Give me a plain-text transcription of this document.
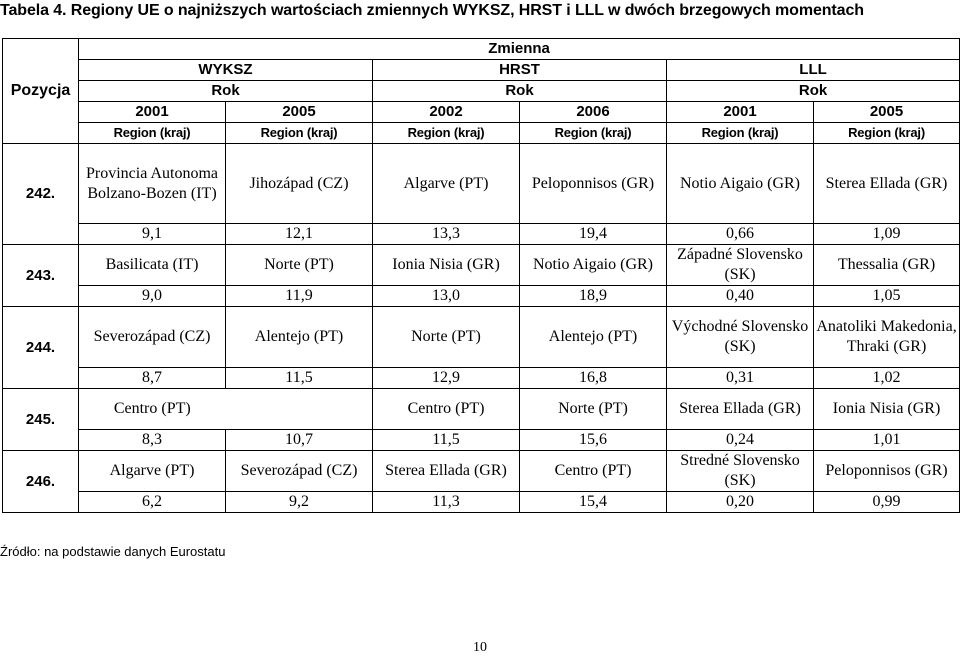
Tabela 4. Regiony UE o najniższych wartościach zmiennych WYKSZ, HRST i LLL w dwóch brzegowych momentach
Pozycja	Zmienna					
	WYKSZ		HRST		LLL	
	Rok		Rok		Rok	
	2001	2005	2002	2006	2001	2005
	Region (kraj)	Region (kraj)	Region (kraj)	Region (kraj)	Region (kraj)	Region (kraj)
242.	Provincia Autonoma Bolzano-Bozen (IT)	Jihozápad (CZ)	Algarve (PT)	Peloponnisos (GR)	Notio Aigaio (GR)	Sterea Ellada (GR)
	9,1	12,1	13,3	19,4	0,66	1,09
243.	Basilicata (IT)	Norte (PT)	Ionia Nisia (GR)	Notio Aigaio (GR)	Západné Slovensko (SK)	Thessalia (GR)
	9,0	11,9	13,0	18,9	0,40	1,05
244.	Severozápad (CZ)	Alentejo (PT)	Norte (PT)	Alentejo (PT)	Východné Slovensko (SK)	Anatoliki Makedonia, Thraki (GR)
	8,7	11,5	12,9	16,8	0,31	1,02
245.	Centro (PT)		Centro (PT)	Norte (PT)	Sterea Ellada (GR)	Ionia Nisia (GR)
	8,3	10,7	11,5	15,6	0,24	1,01
246.	Algarve (PT)	Severozápad (CZ)	Sterea Ellada (GR)	Centro (PT)	Stredné Slovensko (SK)	Peloponnisos (GR)
	6,2	9,2	11,3	15,4	0,20	0,99
Źródło: na podstawie danych Eurostatu
10
